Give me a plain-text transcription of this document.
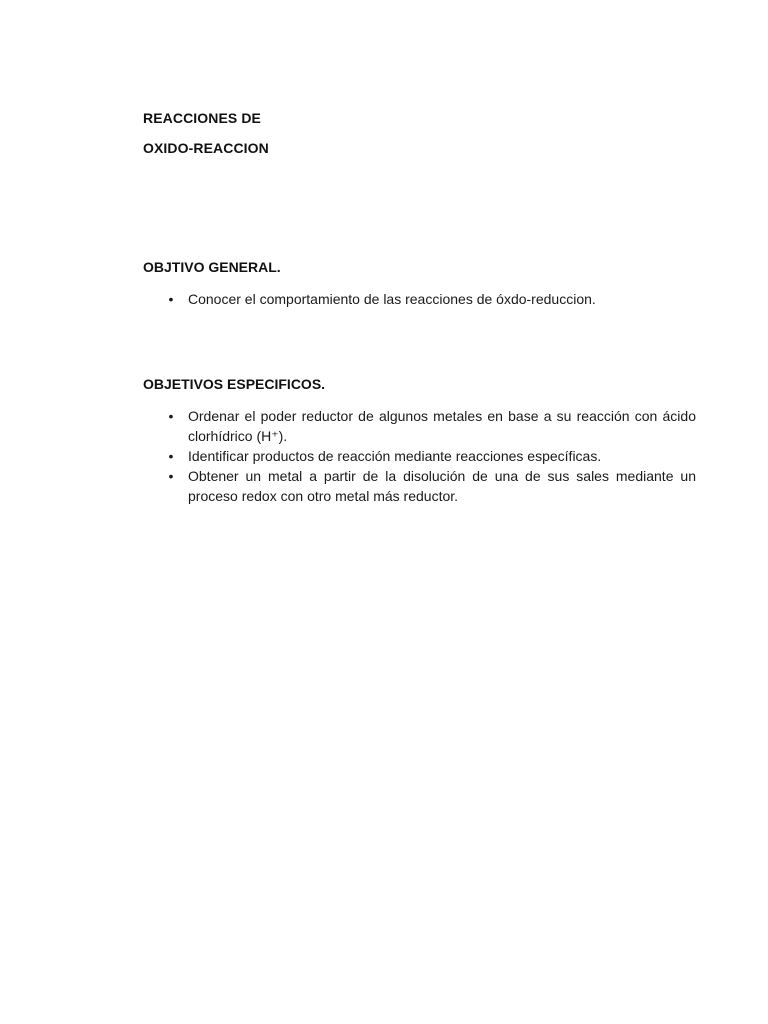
REACCIONES DE
OXIDO-REACCION
OBJTIVO GENERAL.
• Conocer el comportamiento de las reacciones de óxdo-reduccion.
OBJETIVOS ESPECIFICOS.
• Ordenar el poder reductor de algunos metales en base a su reacción con ácido clorhídrico (H⁺).
• Identificar productos de reacción mediante reacciones específicas.
• Obtener un metal a partir de la disolución de una de sus sales mediante un proceso redox con otro metal más reductor.
